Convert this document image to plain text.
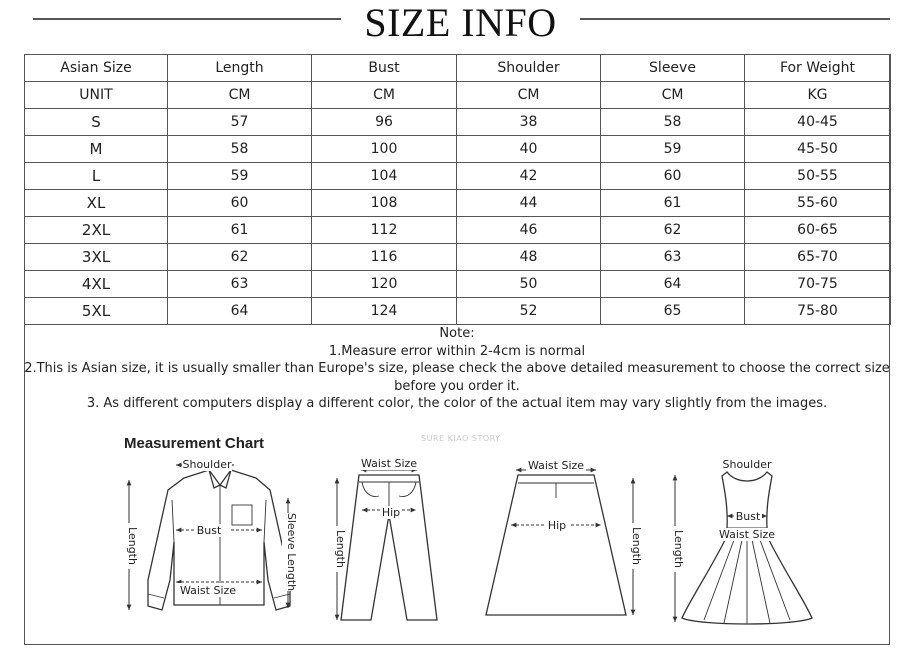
SIZE INFO
Asian Size	Length	Bust	Shoulder	Sleeve	For Weight
UNIT	CM	CM	CM	CM	KG
S	57	96	38	58	40-45
M	58	100	40	59	45-50
L	59	104	42	60	50-55
XL	60	108	44	61	55-60
2XL	61	112	46	62	60-65
3XL	62	116	48	63	65-70
4XL	63	120	50	64	70-75
5XL	64	124	52	65	75-80
Note:
1.Measure error within 2-4cm is normal
2.This is Asian size, it is usually smaller than Europe's size, please check the above detailed measurement to choose the correct size
before you order it.
3. As different computers display a different color, the color of the actual item may vary slightly from the images.
Measurement Chart	SURE KIAO STORY
Shoulder
Bust
Waist Size
Length	Sleeve Length
Waist Size
Hip
Length
Waist Size
Hip
Length
Shoulder
Bust
Waist Size
Length
